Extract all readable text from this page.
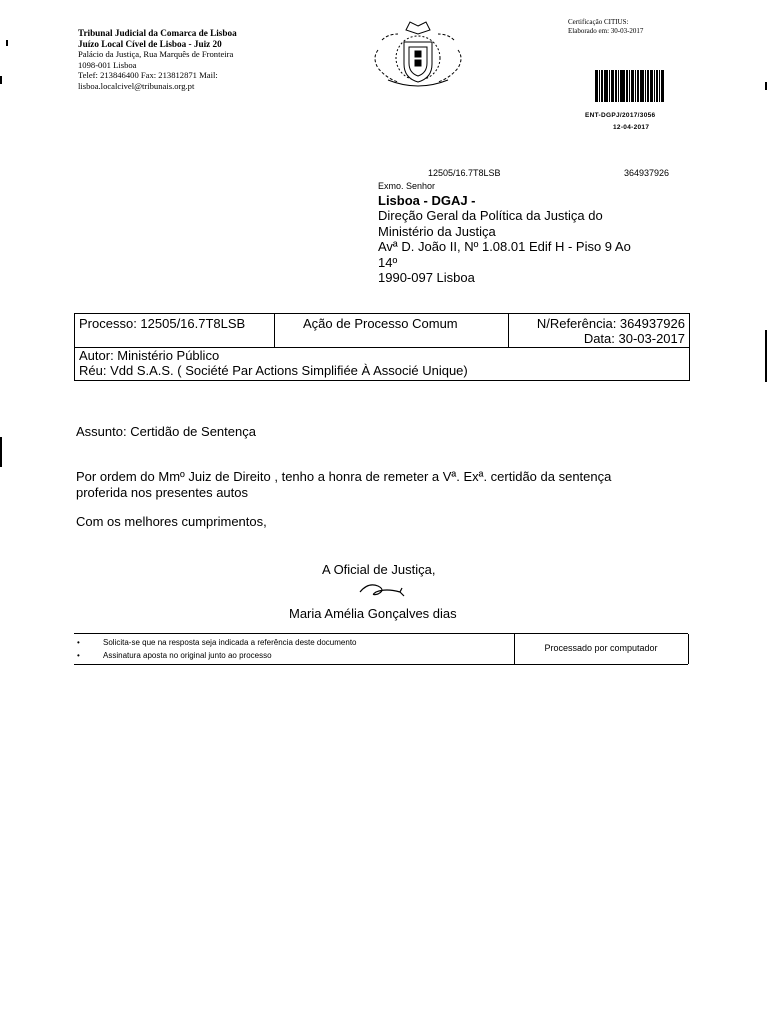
Tribunal Judicial da Comarca de Lisboa
Juízo Local Cível de Lisboa - Juiz 20
Palácio da Justiça, Rua Marquês de Fronteira
1098-001 Lisboa
Telef: 213846400 Fax: 213812871 Mail:
lisboa.localcivel@tribunais.org.pt
Certificação CITIUS:
Elaborado em: 30-03-2017
ENT-DGPJ/2017/3056
12-04-2017
12505/16.7T8LSB	364937926
Exmo. Senhor
Lisboa - DGAJ -
Direção Geral da Política da Justiça do
Ministério da Justiça
Avª D. João II, Nº 1.08.01 Edif H - Piso 9 Ao
14º
1990-097 Lisboa
Processo: 12505/16.7T8LSB	Ação de Processo Comum	N/Referência: 364937926
Data: 30-03-2017
Autor: Ministério Público
Réu: Vdd S.A.S. ( Société Par Actions Simplifiée À Associé Unique)
Assunto: Certidão de Sentença
Por ordem do Mmº Juiz de Direito , tenho a honra de remeter a Vª. Exª. certidão da sentença
proferida nos presentes autos
Com os melhores cumprimentos,
A Oficial de Justiça,
Maria Amélia Gonçalves dias
•	Solicita-se que na resposta seja indicada a referência deste documento
•	Assinatura aposta no original junto ao processo
Processado por computador
